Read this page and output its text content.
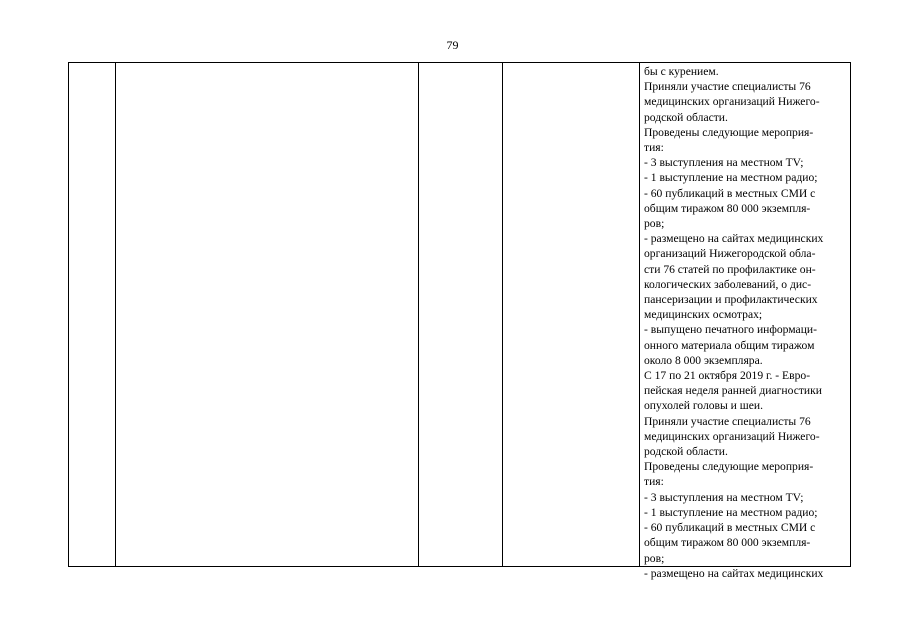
79
бы с курением.
Приняли участие специалисты 76
медицинских организаций Нижего-
родской области.
Проведены следующие мероприя-
тия:
- 3 выступления на местном TV;
- 1 выступление на местном радио;
- 60 публикаций в местных СМИ с
общим тиражом 80 000 экземпля-
ров;
- размещено на сайтах медицинских
организаций Нижегородской обла-
сти 76 статей по профилактике он-
кологических заболеваний, о дис-
пансеризации и профилактических
медицинских осмотрах;
- выпущено печатного информаци-
онного материала общим тиражом
около 8 000 экземпляра.
С 17 по 21 октября 2019 г. - Евро-
пейская неделя ранней диагностики
опухолей головы и шеи.
Приняли участие специалисты 76
медицинских организаций Нижего-
родской области.
Проведены следующие мероприя-
тия:
- 3 выступления на местном TV;
- 1 выступление на местном радио;
- 60 публикаций в местных СМИ с
общим тиражом 80 000 экземпля-
ров;
- размещено на сайтах медицинских
